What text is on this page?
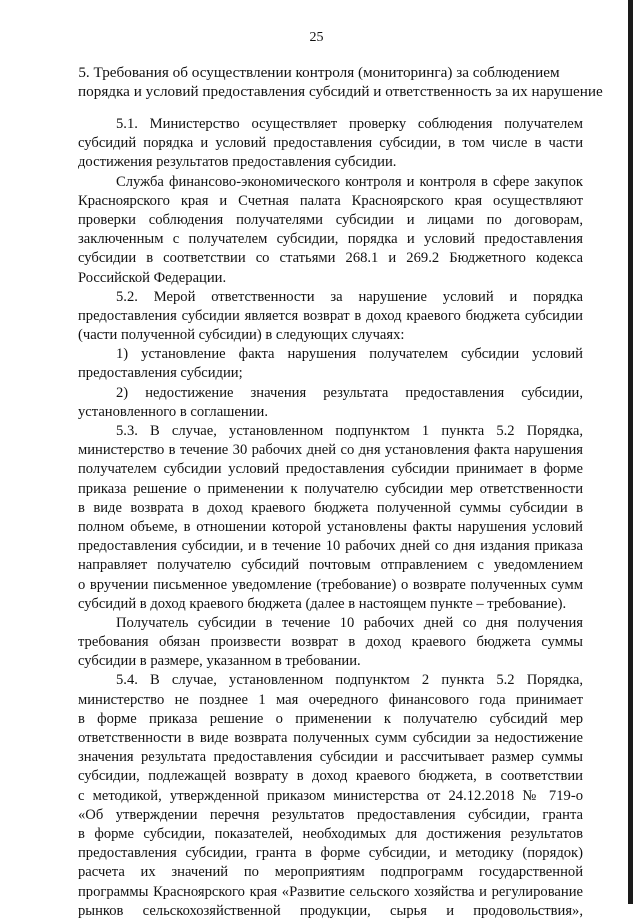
25
5. Требования об осуществлении контроля (мониторинга) за соблюдением
порядка и условий предоставления субсидий и ответственность за их нарушение
5.1. Министерство осуществляет проверку соблюдения получателем
субсидий порядка и условий предоставления субсидии, в том числе в части
достижения результатов предоставления субсидии.
Служба финансово-экономического контроля и контроля в сфере закупок
Красноярского края и Счетная палата Красноярского края осуществляют
проверки соблюдения получателями субсидии и лицами по договорам,
заключенным с получателем субсидии, порядка и условий предоставления
субсидии в соответствии со статьями 268.1 и 269.2 Бюджетного кодекса
Российской Федерации.
5.2. Мерой ответственности за нарушение условий и порядка
предоставления субсидии является возврат в доход краевого бюджета субсидии
(части полученной субсидии) в следующих случаях:
1) установление факта нарушения получателем субсидии условий
предоставления субсидии;
2) недостижение значения результата предоставления субсидии,
установленного в соглашении.
5.3. В случае, установленном подпунктом 1 пункта 5.2 Порядка,
министерство в течение 30 рабочих дней со дня установления факта нарушения
получателем субсидии условий предоставления субсидии принимает в форме
приказа решение о применении к получателю субсидии мер ответственности
в виде возврата в доход краевого бюджета полученной суммы субсидии в
полном объеме, в отношении которой установлены факты нарушения условий
предоставления субсидии, и в течение 10 рабочих дней со дня издания приказа
направляет получателю субсидий почтовым отправлением с уведомлением
о вручении письменное уведомление (требование) о возврате полученных сумм
субсидий в доход краевого бюджета (далее в настоящем пункте – требование).
Получатель субсидии в течение 10 рабочих дней со дня получения
требования обязан произвести возврат в доход краевого бюджета суммы
субсидии в размере, указанном в требовании.
5.4. В случае, установленном подпунктом 2 пункта 5.2 Порядка,
министерство не позднее 1 мая очередного финансового года принимает
в форме приказа решение о применении к получателю субсидий мер
ответственности в виде возврата полученных сумм субсидии за недостижение
значения результата предоставления субсидии и рассчитывает размер суммы
субсидии, подлежащей возврату в доход краевого бюджета, в соответствии
с методикой, утвержденной приказом министерства от 24.12.2018 № 719-о
«Об утверждении перечня результатов предоставления субсидии, гранта
в форме субсидии, показателей, необходимых для достижения результатов
предоставления субсидии, гранта в форме субсидии, и методику (порядок)
расчета их значений по мероприятиям подпрограмм государственной
программы Красноярского края «Развитие сельского хозяйства и регулирование
рынков сельскохозяйственной продукции, сырья и продовольствия»,
